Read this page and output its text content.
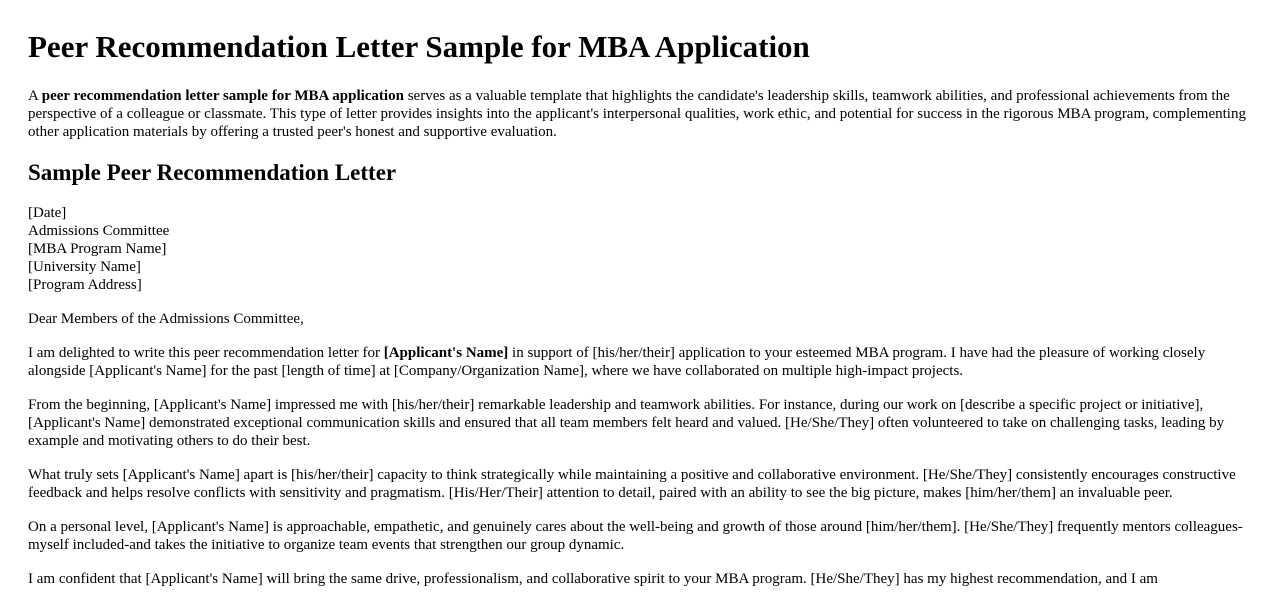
Peer Recommendation Letter Sample for MBA Application

A peer recommendation letter sample for MBA application serves as a valuable template that highlights the candidate's leadership skills, teamwork abilities, and professional achievements from the perspective of a colleague or classmate. This type of letter provides insights into the applicant's interpersonal qualities, work ethic, and potential for success in the rigorous MBA program, complementing other application materials by offering a trusted peer's honest and supportive evaluation.

Sample Peer Recommendation Letter

[Date]
Admissions Committee
[MBA Program Name]
[University Name]
[Program Address]

Dear Members of the Admissions Committee,

I am delighted to write this peer recommendation letter for [Applicant's Name] in support of [his/her/their] application to your esteemed MBA program. I have had the pleasure of working closely alongside [Applicant's Name] for the past [length of time] at [Company/Organization Name], where we have collaborated on multiple high-impact projects.

From the beginning, [Applicant's Name] impressed me with [his/her/their] remarkable leadership and teamwork abilities. For instance, during our work on [describe a specific project or initiative], [Applicant's Name] demonstrated exceptional communication skills and ensured that all team members felt heard and valued. [He/She/They] often volunteered to take on challenging tasks, leading by example and motivating others to do their best.

What truly sets [Applicant's Name] apart is [his/her/their] capacity to think strategically while maintaining a positive and collaborative environment. [He/She/They] consistently encourages constructive feedback and helps resolve conflicts with sensitivity and pragmatism. [His/Her/Their] attention to detail, paired with an ability to see the big picture, makes [him/her/them] an invaluable peer.

On a personal level, [Applicant's Name] is approachable, empathetic, and genuinely cares about the well-being and growth of those around [him/her/them]. [He/She/They] frequently mentors colleagues-myself included-and takes the initiative to organize team events that strengthen our group dynamic.

I am confident that [Applicant's Name] will bring the same drive, professionalism, and collaborative spirit to your MBA program. [He/She/They] has my highest recommendation, and I am
